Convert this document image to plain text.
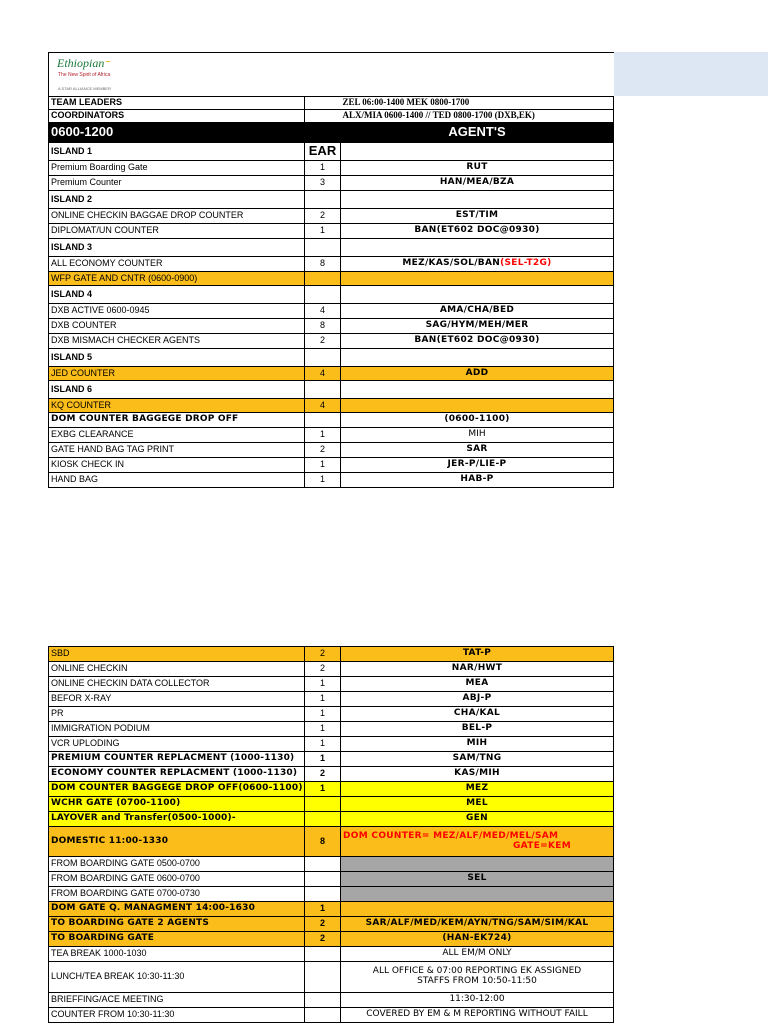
Ethiopian ~
The New Spirit of Africa
A STAR ALLIANCE MEMBER
TEAM LEADERS		ZEL 06:00-1400 MEK 0800-1700
COORDINATORS		ALX/MIA 0600-1400 // TED 0800-1700 (DXB,EK)
0600-1200		AGENT'S
ISLAND 1	EAR	
Premium Boarding Gate	1	RUT
Premium Counter	3	HAN/MEA/BZA
ISLAND 2		
ONLINE CHECKIN BAGGAE DROP COUNTER	2	EST/TIM
DIPLOMAT/UN COUNTER	1	BAN(ET602 DOC@0930)
ISLAND 3		
ALL ECONOMY COUNTER	8	MEZ/KAS/SOL/BAN(SEL-T2G)
WFP GATE AND CNTR (0600-0900)		
ISLAND 4		
DXB ACTIVE 0600-0945	4	AMA/CHA/BED
DXB COUNTER	8	SAG/HYM/MEH/MER
DXB MISMACH CHECKER AGENTS	2	BAN(ET602 DOC@0930)
ISLAND 5		
JED COUNTER	4	ADD
ISLAND 6		
KQ COUNTER	4	
DOM COUNTER BAGGEGE DROP OFF		(0600-1100)
EXBG CLEARANCE	1	MIH
GATE HAND BAG TAG PRINT	2	SAR
KIOSK CHECK IN	1	JER-P/LIE-P
HAND BAG	1	HAB-P
SBD	2	TAT-P
ONLINE CHECKIN	2	NAR/HWT
ONLINE CHECKIN DATA COLLECTOR	1	MEA
BEFOR X-RAY	1	ABJ-P
PR	1	CHA/KAL
IMMIGRATION PODIUM	1	BEL-P
VCR UPLODING	1	MIH
PREMIUM COUNTER REPLACMENT (1000-1130)	1	SAM/TNG
ECONOMY COUNTER REPLACMENT (1000-1130)	2	KAS/MIH
DOM COUNTER BAGGEGE DROP OFF(0600-1100)	1	MEZ
WCHR GATE (0700-1100)		MEL
LAYOVER and Transfer(0500-1000)-		GEN
DOMESTIC 11:00-1330	8	DOM COUNTER= MEZ/ALF/MED/MEL/SAM
GATE=KEM

FROM BOARDING GATE 0500-0700		
FROM BOARDING GATE 0600-0700		SEL
FROM BOARDING GATE 0700-0730		
DOM GATE Q. MANAGMENT 14:00-1630	1	
TO BOARDING GATE 2 AGENTS	2	SAR/ALF/MED/KEM/AYN/TNG/SAM/SIM/KAL
TO BOARDING GATE	2	(HAN-EK724)
TEA BREAK 1000-1030		ALL EM/M ONLY
LUNCH/TEA BREAK 10:30-11:30		ALL OFFICE & 07:00 REPORTING EK ASSIGNED
STAFFS FROM 10:50-11:50

BRIEFFING/ACE MEETING		11:30-12:00
COUNTER FROM 10:30-11:30		COVERED BY EM & M REPORTING WITHOUT FAILL
